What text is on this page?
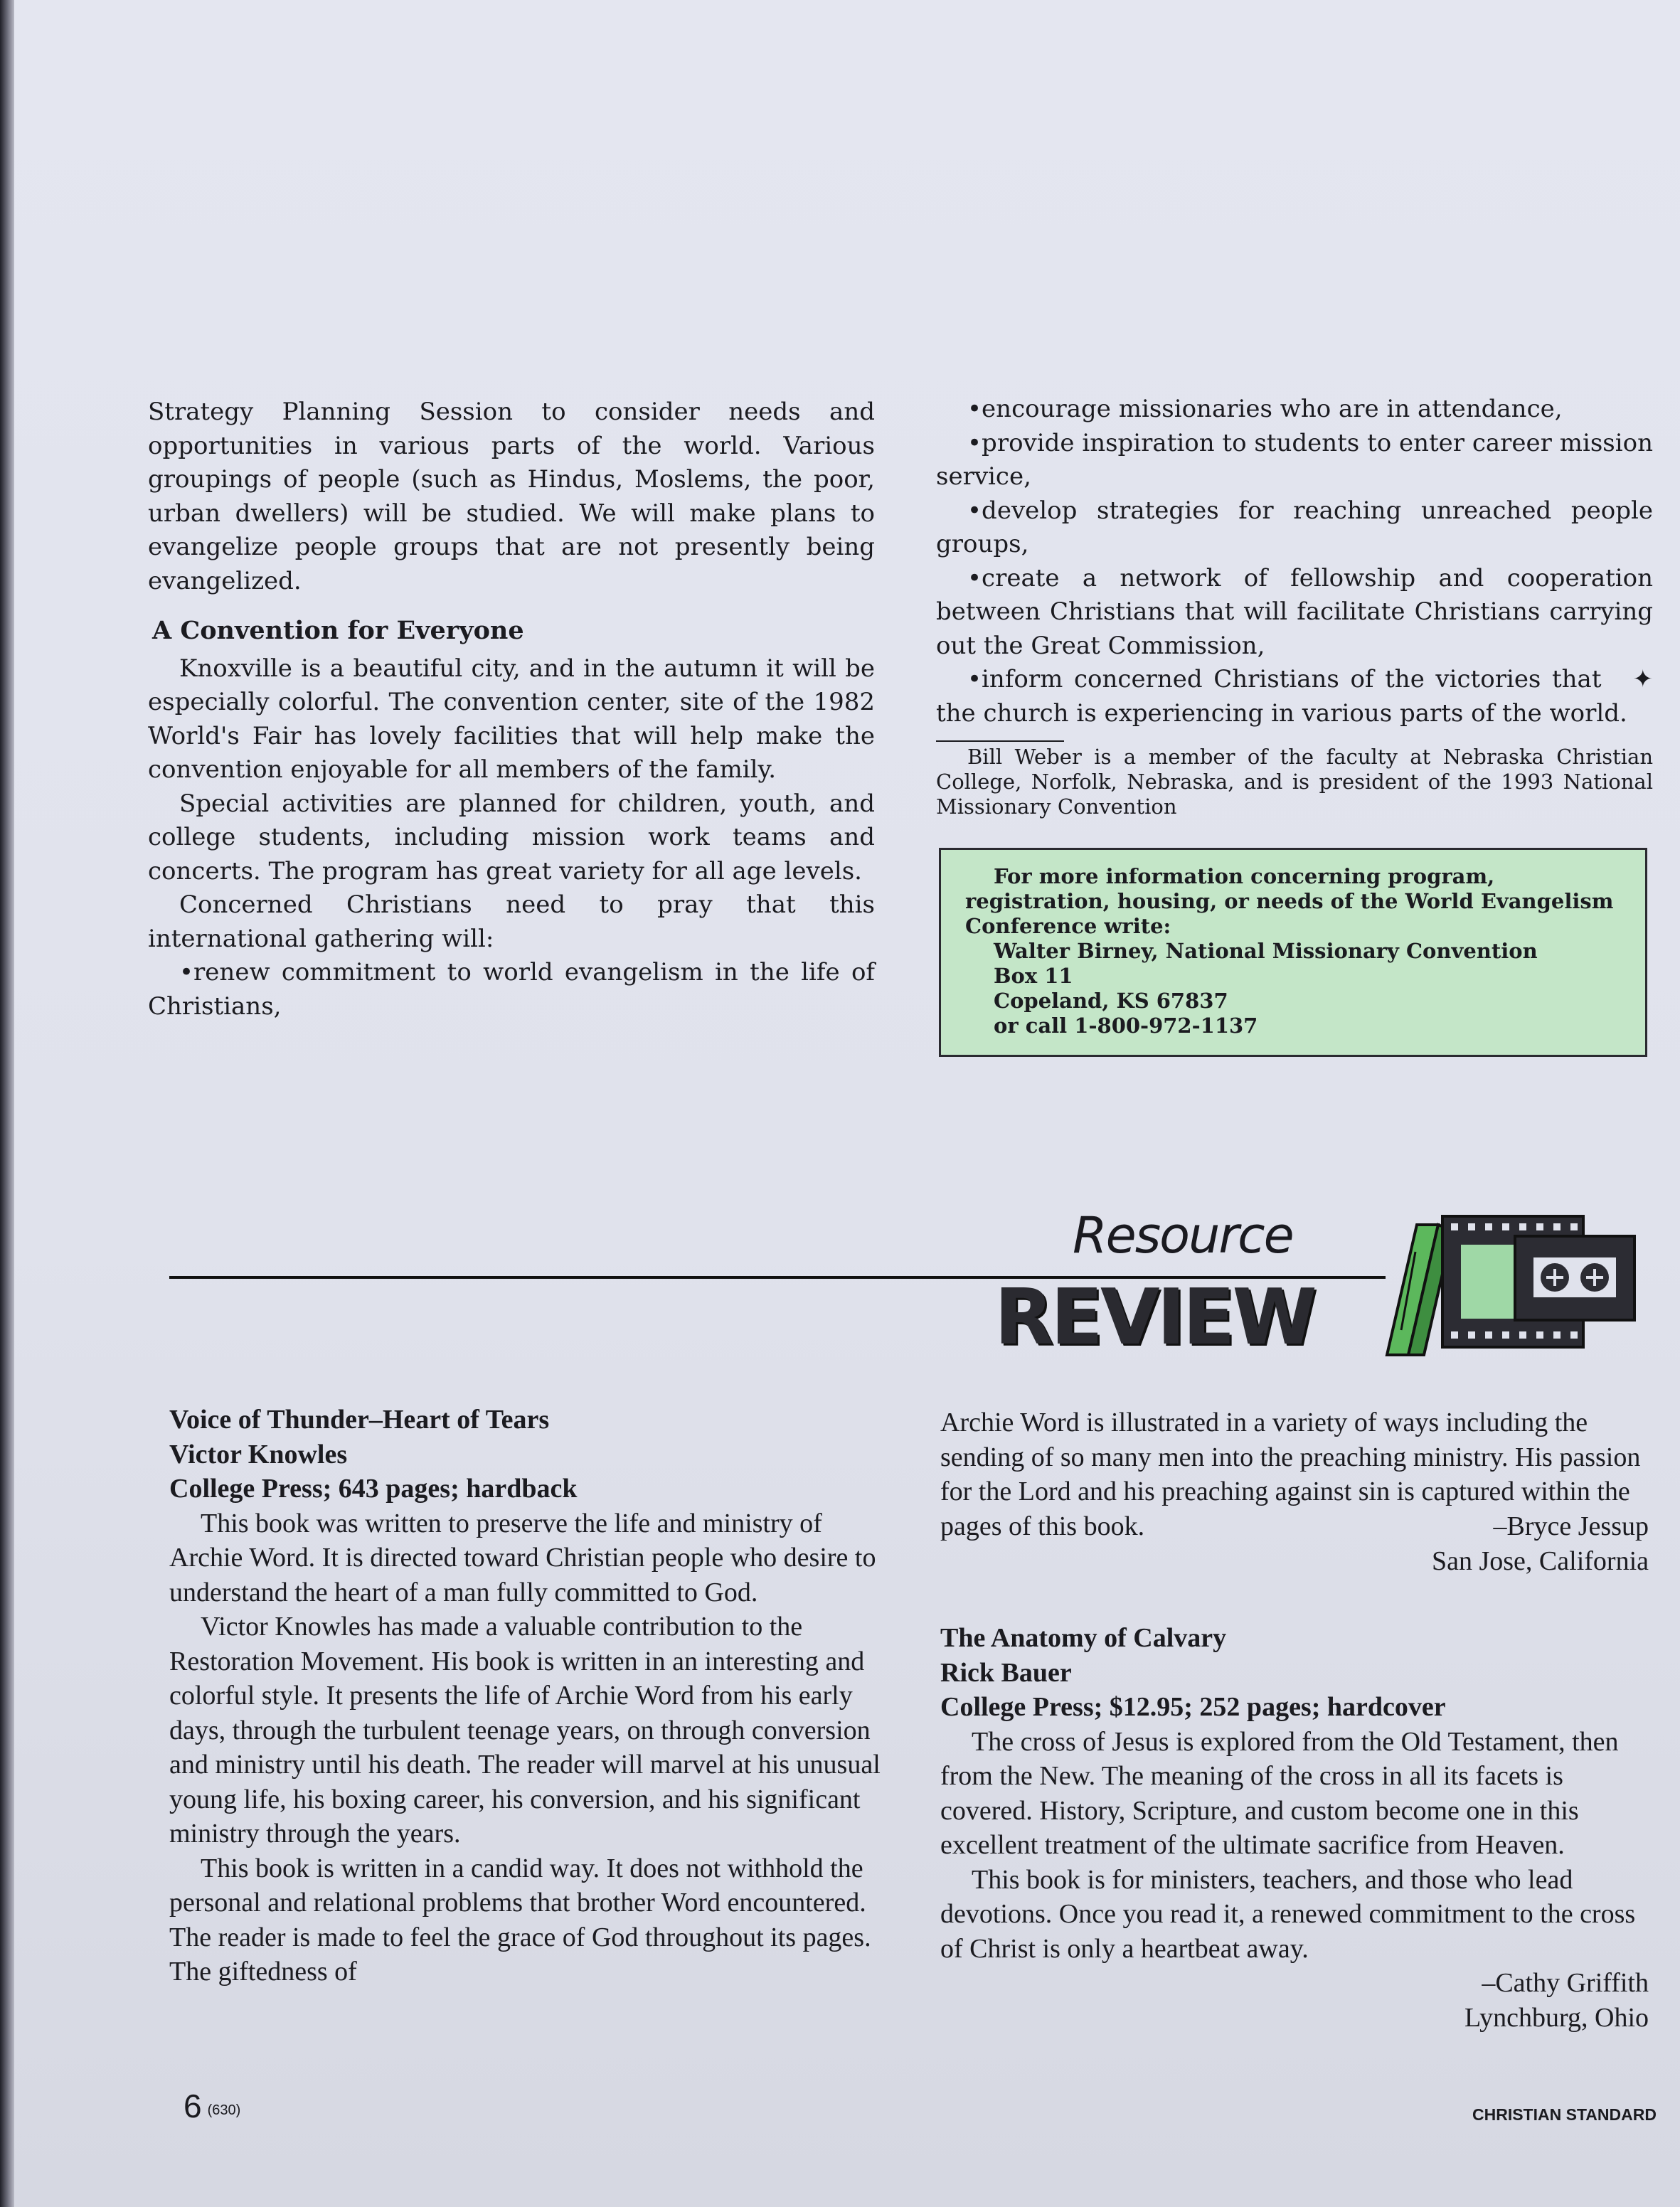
Strategy Planning Session to consider needs and opportunities in various parts of the world. Various groupings of people (such as Hindus, Moslems, the poor, urban dwellers) will be studied. We will make plans to evangelize people groups that are not presently being evangelized.

A Convention for Everyone

Knoxville is a beautiful city, and in the autumn it will be especially colorful. The convention center, site of the 1982 World's Fair has lovely facilities that will help make the convention enjoyable for all members of the family.

Special activities are planned for children, youth, and college students, including mission work teams and concerts. The program has great variety for all age levels.

Concerned Christians need to pray that this international gathering will:

•renew commitment to world evangelism in the life of Christians,

•encourage missionaries who are in attendance,

•provide inspiration to students to enter career mission service,

•develop strategies for reaching unreached people groups,

•create a network of fellowship and cooperation between Christians that will facilitate Christians carrying out the Great Commission,

✦
•inform concerned Christians of the victories that the church is experiencing in various parts of the world.

Bill Weber is a member of the faculty at Nebraska Christian College, Norfolk, Nebraska, and is president of the 1993 National Missionary Convention

For more information concerning program, registration, housing, or needs of the World Evangelism Conference write:

Walter Birney, National Missionary Convention

Box 11

Copeland, KS 67837

or call 1-800-972-1137

Resource
REVIEW

Voice of Thunder–Heart of Tears

Victor Knowles

College Press; 643 pages; hardback

This book was written to preserve the life and ministry of Archie Word. It is directed toward Christian people who desire to understand the heart of a man fully committed to God.

Victor Knowles has made a valuable contribution to the Restoration Movement. His book is written in an interesting and colorful style. It presents the life of Archie Word from his early days, through the turbulent teenage years, on through conversion and ministry until his death. The reader will marvel at his unusual young life, his boxing career, his conversion, and his significant ministry through the years.

This book is written in a candid way. It does not withhold the personal and relational problems that brother Word encountered. The reader is made to feel the grace of God throughout its pages. The giftedness of

Archie Word is illustrated in a variety of ways including the sending of so many men into the preaching ministry. His passion for the Lord and his preaching against sin is captured within the pages of this book.	–Bryce Jessup

San Jose, California

The Anatomy of Calvary

Rick Bauer

College Press; $12.95; 252 pages; hardcover

The cross of Jesus is explored from the Old Testament, then from the New. The meaning of the cross in all its facets is covered. History, Scripture, and custom become one in this excellent treatment of the ultimate sacrifice from Heaven.

This book is for ministers, teachers, and those who lead devotions. Once you read it, a renewed commitment to the cross of Christ is only a heartbeat away.

–Cathy Griffith

Lynchburg, Ohio

6 (630)	CHRISTIAN STANDARD
